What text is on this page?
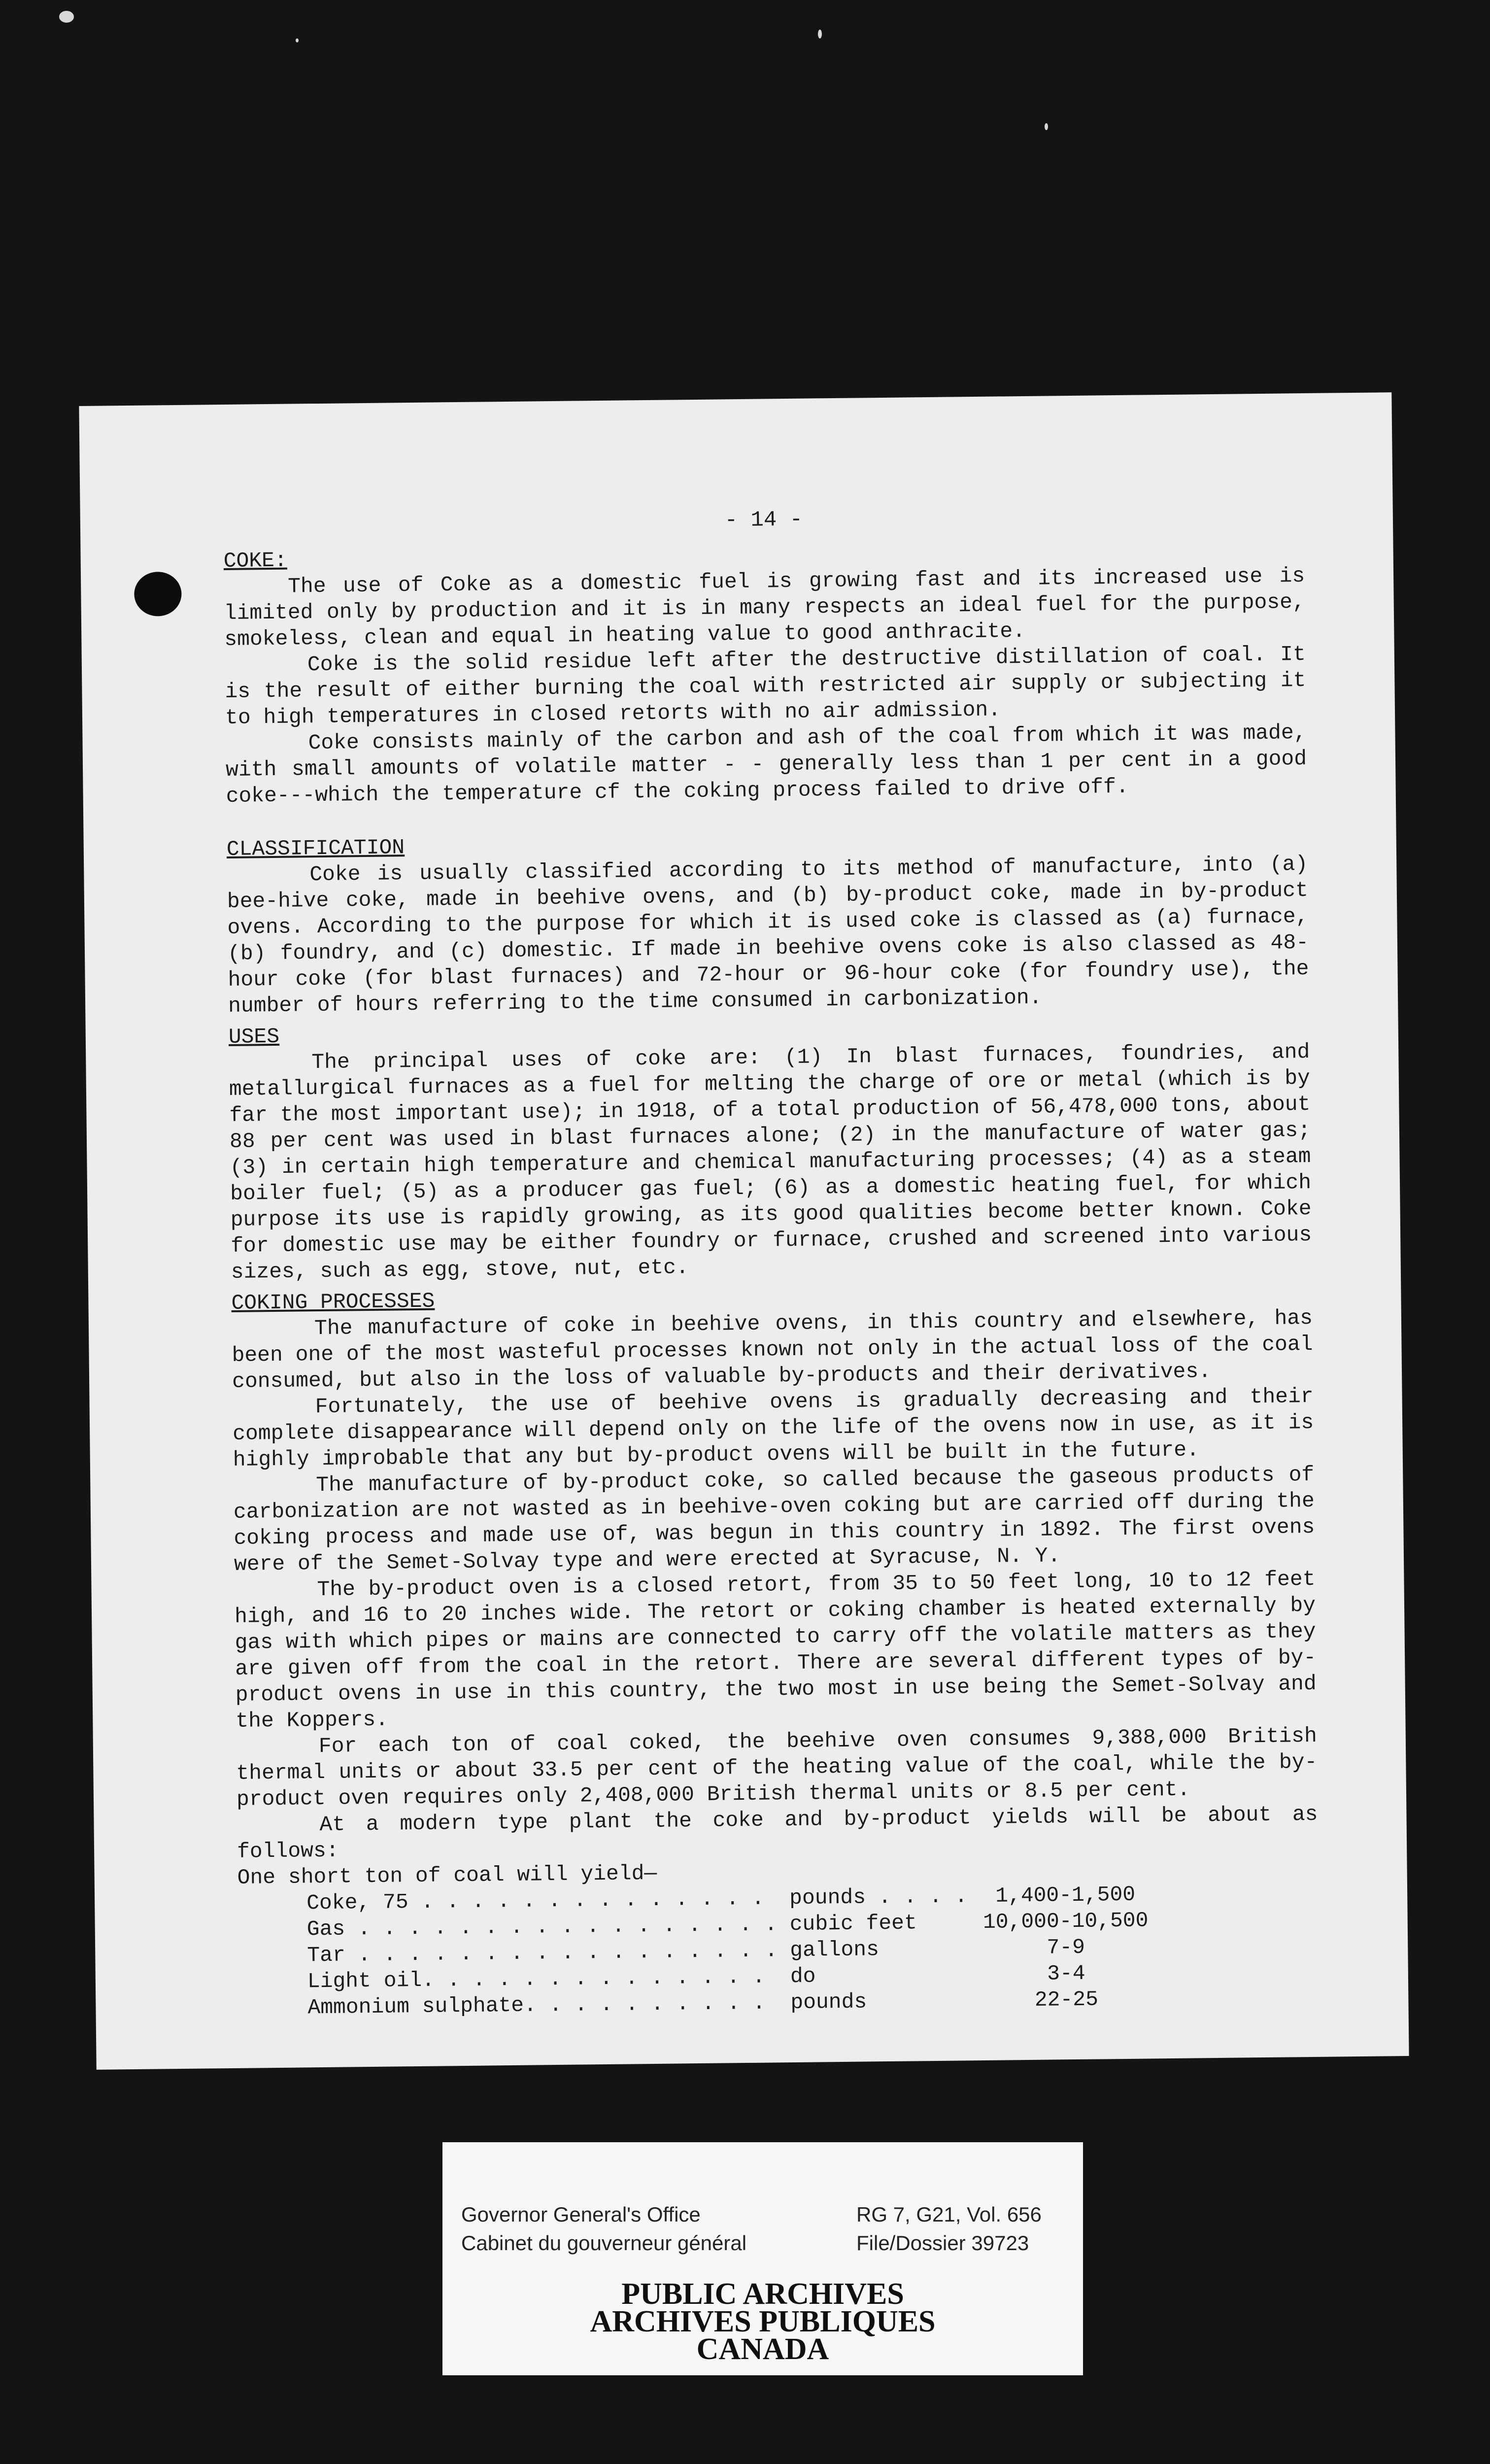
- 14 -
COKE:

The use of Coke as a domestic fuel is growing fast and its increased use is limited only by production and it is in many respects an ideal fuel for the purpose, smokeless, clean and equal in heating value to good anthracite.

Coke is the solid residue left after the destructive distillation of coal. It is the result of either burning the coal with restricted air supply or subjecting it to high temperatures in closed retorts with no air admission.

Coke consists mainly of the carbon and ash of the coal from which it was made, with small amounts of volatile matter - - generally less than 1 per cent in a good coke---which the temperature cf the coking process failed to drive off.

CLASSIFICATION

Coke is usually classified according to its method of manufacture, into (a) bee-hive coke, made in beehive ovens, and (b) by-product coke, made in by-product ovens. According to the purpose for which it is used coke is classed as (a) furnace, (b) foundry, and (c) domestic. If made in beehive ovens coke is also classed as 48-hour coke (for blast furnaces) and 72-hour or 96-hour coke (for foundry use), the number of hours referring to the time consumed in carbonization.

USES

The principal uses of coke are: (1) In blast furnaces, foundries, and metallurgical furnaces as a fuel for melting the charge of ore or metal (which is by far the most important use); in 1918, of a total production of 56,478,000 tons, about 88 per cent was used in blast furnaces alone; (2) in the manufacture of water gas; (3) in certain high temperature and chemical manufacturing processes; (4) as a steam boiler fuel; (5) as a producer gas fuel; (6) as a domestic heating fuel, for which purpose its use is rapidly growing, as its good qualities become better known. Coke for domestic use may be either foundry or furnace, crushed and screened into various sizes, such as egg, stove, nut, etc.

COKING PROCESSES

The manufacture of coke in beehive ovens, in this country and elsewhere, has been one of the most wasteful processes known not only in the actual loss of the coal consumed, but also in the loss of valuable by-products and their derivatives.

Fortunately, the use of beehive ovens is gradually decreasing and their complete disappearance will depend only on the life of the ovens now in use, as it is highly improbable that any but by-product ovens will be built in the future.

The manufacture of by-product coke, so called because the gaseous products of carbonization are not wasted as in beehive-oven coking but are carried off during the coking process and made use of, was begun in this country in 1892. The first ovens were of the Semet-Solvay type and were erected at Syracuse, N. Y.

The by-product oven is a closed retort, from 35 to 50 feet long, 10 to 12 feet high, and 16 to 20 inches wide. The retort or coking chamber is heated externally by gas with which pipes or mains are connected to carry off the volatile matters as they are given off from the coal in the retort. There are several different types of by-product ovens in use in this country, the two most in use being the Semet-Solvay and the Koppers.

For each ton of coal coked, the beehive oven consumes 9,388,000 British thermal units or about 33.5 per cent of the heating value of the coal, while the by-product oven requires only 2,408,000 British thermal units or 8.5 per cent.

At a modern type plant the coke and by-product yields will be about as follows:

One short ton of coal will yield—

Coke, 75 . . . . . . . . . . . . . .	pounds . . . .	1,400-1,500
Gas . . . . . . . . . . . . . . . . .	cubic feet	10,000-10,500
Tar . . . . . . . . . . . . . . . . .	gallons	7-9
Light oil. . . . . . . . . . . . . .	do	3-4
Ammonium sulphate. . . . . . . . . .	pounds	22-25
Governor General's Office
Cabinet du gouverneur général
RG 7, G21, Vol. 656
File/Dossier 39723
PUBLIC ARCHIVES
ARCHIVES PUBLIQUES
CANADA
